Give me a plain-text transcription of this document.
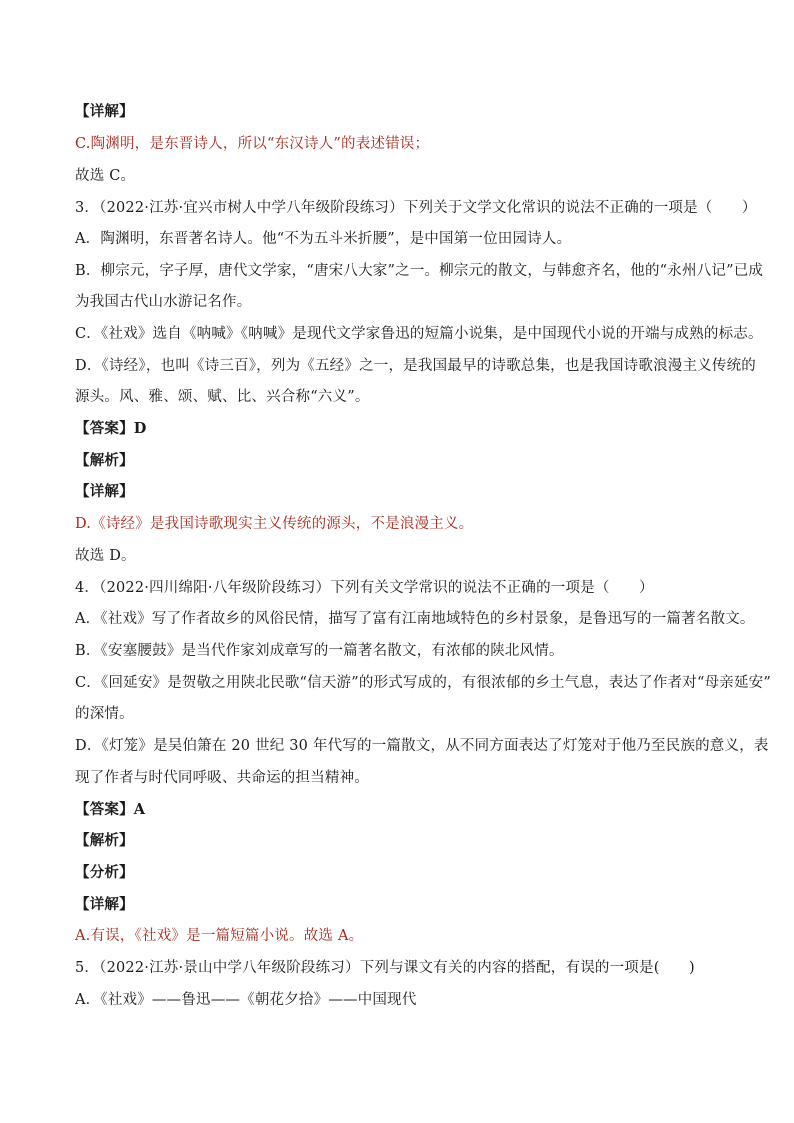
【详解】
C.陶渊明，是东晋诗人，所以“东汉诗人”的表述错误；
故选 C。
3．（2022·江苏·宜兴市树人中学八年级阶段练习）下列关于文学文化常识的说法不正确的一项是（　　）
A．陶渊明，东晋著名诗人。他“不为五斗米折腰”，是中国第一位田园诗人。
B．柳宗元，字子厚，唐代文学家，“唐宋八大家”之一。柳宗元的散文，与韩愈齐名，他的“永州八记”已成
为我国古代山水游记名作。
C．《社戏》选自《呐喊》《呐喊》是现代文学家鲁迅的短篇小说集，是中国现代小说的开端与成熟的标志。
D．《诗经》，也叫《诗三百》，列为《五经》之一，是我国最早的诗歌总集，也是我国诗歌浪漫主义传统的
源头。风、雅、颂、赋、比、兴合称“六义”。
【答案】D
【解析】
【详解】
D.《诗经》是我国诗歌现实主义传统的源头，不是浪漫主义。
故选 D。
4．（2022·四川绵阳·八年级阶段练习）下列有关文学常识的说法不正确的一项是（　　）
A．《社戏》写了作者故乡的风俗民情，描写了富有江南地域特色的乡村景象，是鲁迅写的一篇著名散文。
B．《安塞腰鼓》是当代作家刘成章写的一篇著名散文，有浓郁的陕北风情。
C．《回延安》是贺敬之用陕北民歌“信天游”的形式写成的，有很浓郁的乡土气息，表达了作者对“母亲延安”
的深情。
D．《灯笼》是吴伯箫在 20 世纪 30 年代写的一篇散文，从不同方面表达了灯笼对于他乃至民族的意义，表
现了作者与时代同呼吸、共命运的担当精神。
【答案】A
【解析】
【分析】
【详解】
A.有误，《社戏》是一篇短篇小说。故选 A。
5．（2022·江苏·景山中学八年级阶段练习）下列与课文有关的内容的搭配，有误的一项是(　　)
A．《社戏》——鲁迅——《朝花夕拾》——中国现代
